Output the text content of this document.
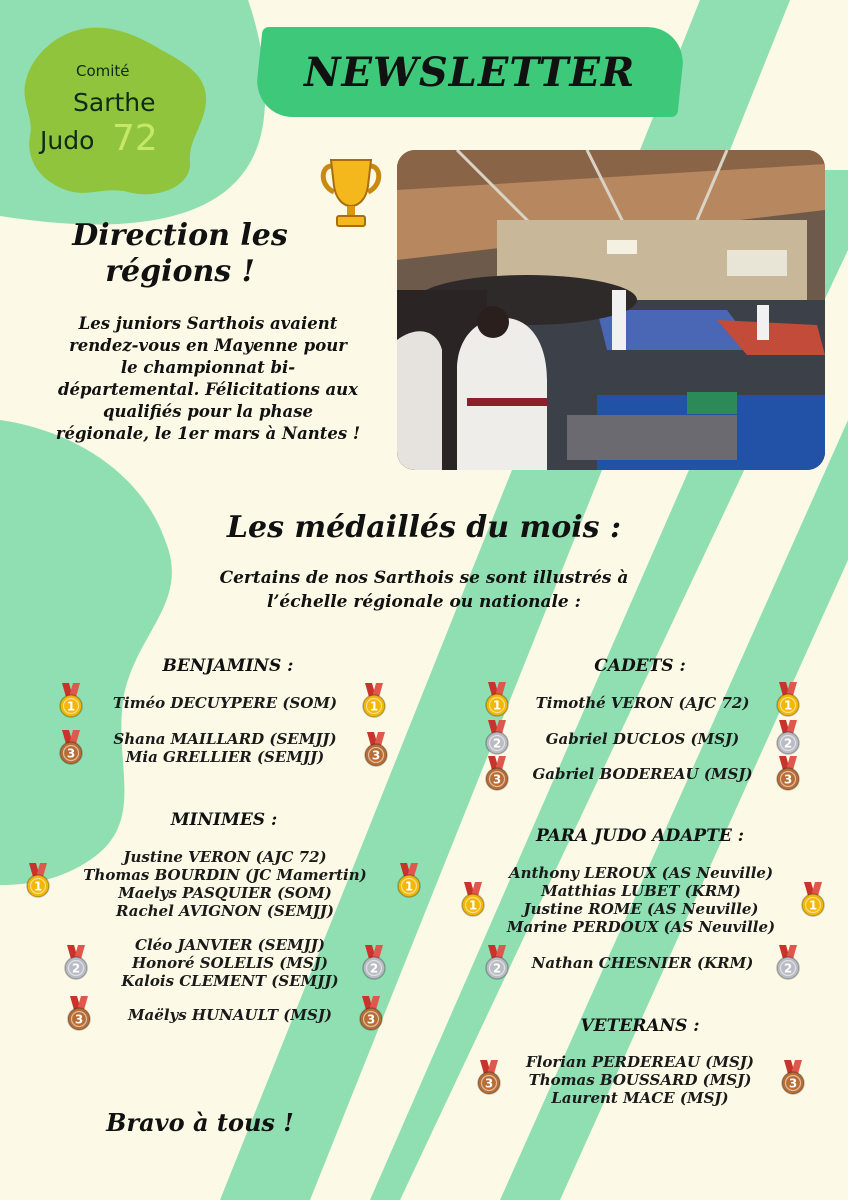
Comité
Sarthe
Judo 72
NEWSLETTER
Direction les
régions !
Les juniors Sarthois avaient
rendez-vous en Mayenne pour
le championnat bi-
départemental. Félicitations aux
qualifiés pour la phase
régionale, le 1er mars à Nantes !
Les médaillés du mois :
Certains de nos Sarthois se sont illustrés à
l’échelle régionale ou nationale :
BENJAMINS :
Timéo DECUYPERE (SOM)
Shana MAILLARD (SEMJJ)
Mia GRELLIER (SEMJJ)
MINIMES :
Justine VERON (AJC 72)
Thomas BOURDIN (JC Mamertin)
Maelys PASQUIER (SOM)
Rachel AVIGNON (SEMJJ)
Cléo JANVIER (SEMJJ)
Honoré SOLELIS (MSJ)
Kalois CLEMENT (SEMJJ)
Maëlys HUNAULT (MSJ)
CADETS :
Timothé VERON (AJC 72)
Gabriel DUCLOS (MSJ)
Gabriel BODEREAU (MSJ)
PARA JUDO ADAPTE :
Anthony LEROUX (AS Neuville)
Matthias LUBET (KRM)
Justine ROME (AS Neuville)
Marine PERDOUX (AS Neuville)
Nathan CHESNIER (KRM)
VETERANS :
Florian PERDEREAU (MSJ)
Thomas BOUSSARD (MSJ)
Laurent MACE (MSJ)
Bravo à tous !
1	1
3	3
1	1
2	2
3	3
1	1
2	2
3	3
1	1
2	2
3	3
